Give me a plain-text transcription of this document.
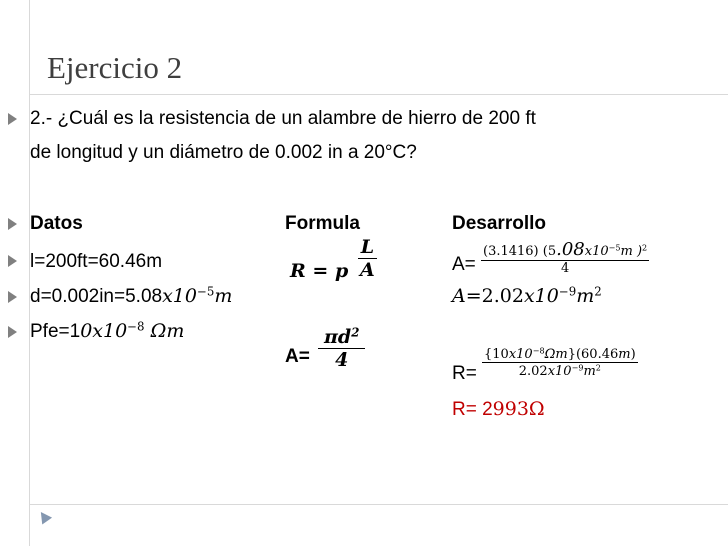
Ejercicio 2
2.- ¿Cuál es la resistencia de un alambre de hierro de 200 ft
de longitud y un diámetro de 0.002 in a 20°C?
Datos
l=200ft=60.46m
$d=0.002in=5.08x10^{-5}m$
$Pfe=10x10^{-8}$ Ωm
Formula
R = p $\frac{L}{A}$
$A= \frac{\pi d^2}{4}$
Desarrollo
$A= \frac{(3.1416) (5.08x10^{-5}m )^2}{4}$
$A=2.02x10^{-9}m^2$
$R= \frac{\{10x10^{-8}\Omega m\}(60.46m)}{2.02x10^{-9}m^2}$
R= 2993Ω
